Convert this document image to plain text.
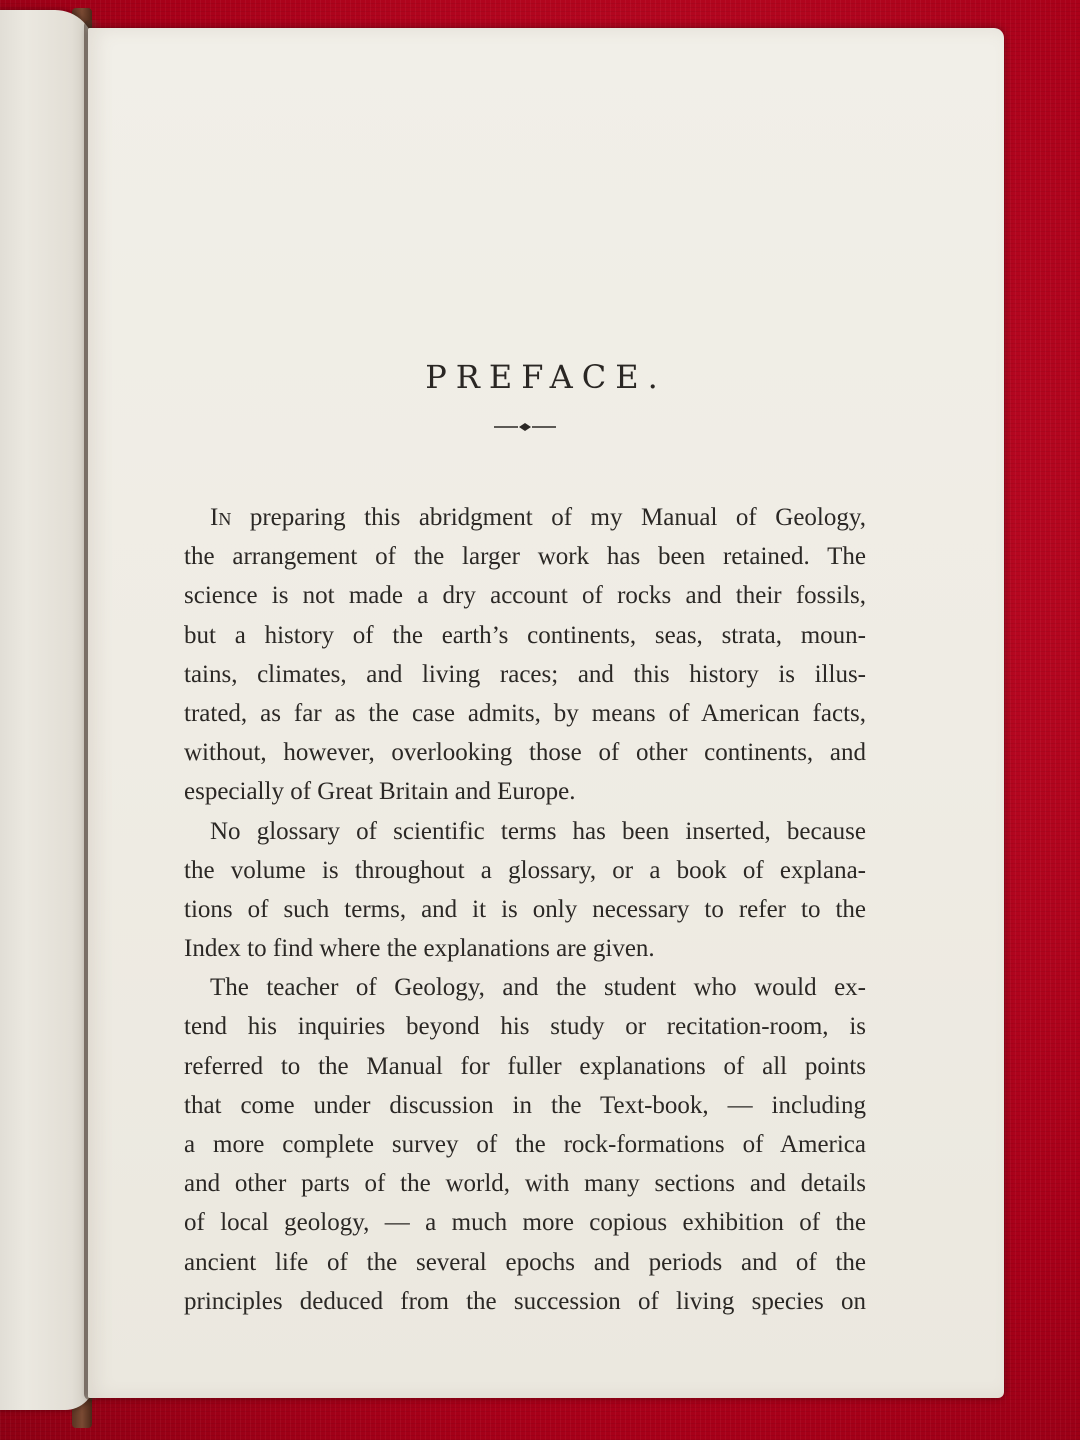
PREFACE.
In preparing this abridgment of my Manual of Geology,
the arrangement of the larger work has been retained. The
science is not made a dry account of rocks and their fossils,
but a history of the earth’s continents, seas, strata, moun-
tains, climates, and living races; and this history is illus-
trated, as far as the case admits, by means of American facts,
without, however, overlooking those of other continents, and
especially of Great Britain and Europe.
No glossary of scientific terms has been inserted, because
the volume is throughout a glossary, or a book of explana-
tions of such terms, and it is only necessary to refer to the
Index to find where the explanations are given.
The teacher of Geology, and the student who would ex-
tend his inquiries beyond his study or recitation-room, is
referred to the Manual for fuller explanations of all points
that come under discussion in the Text-book, — including
a more complete survey of the rock-formations of America
and other parts of the world, with many sections and details
of local geology, — a much more copious exhibition of the
ancient life of the several epochs and periods and of the
principles deduced from the succession of living species on
